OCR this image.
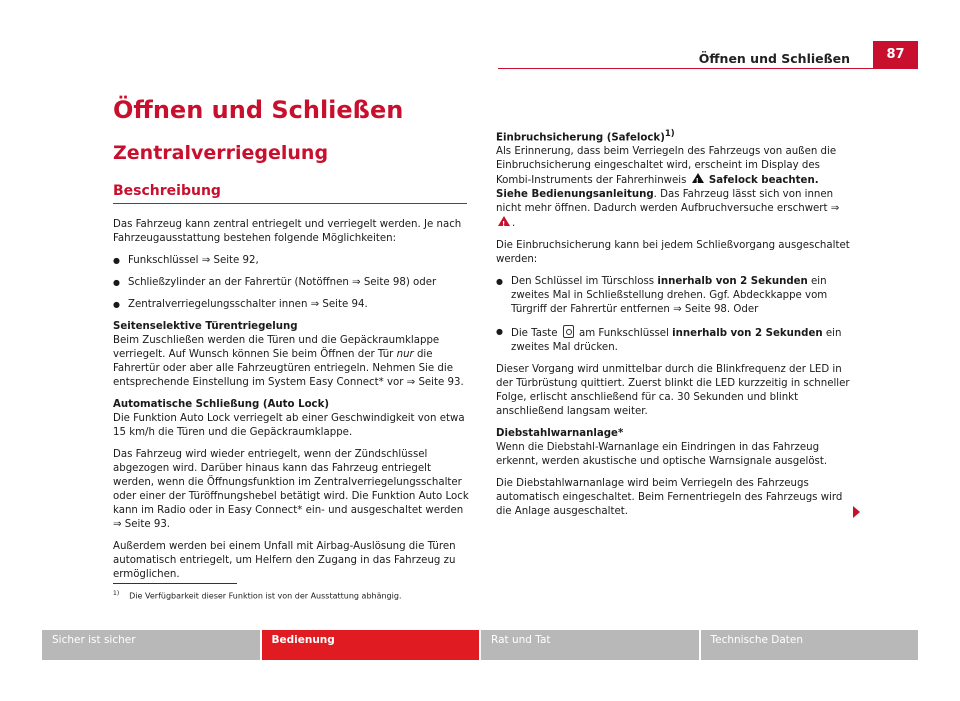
Öffnen und Schließen	87
Öffnen und Schließen
Zentralverriegelung
Beschreibung

Das Fahrzeug kann zentral entriegelt und verriegelt werden. Je nach Fahrzeugausstattung bestehen folgende Möglichkeiten:

● Funkschlüssel ⇒ Seite 92,

● Schließzylinder an der Fahrertür (Notöffnen ⇒ Seite 98) oder

● Zentralverriegelungsschalter innen ⇒ Seite 94.

Seitenselektive Türentriegelung

Beim Zuschließen werden die Türen und die Gepäckraumklappe verriegelt. Auf Wunsch können Sie beim Öffnen der Tür nur die Fahrertür oder aber alle Fahrzeugtüren entriegeln. Nehmen Sie die entsprechende Einstellung im System Easy Connect* vor ⇒ Seite 93.

Automatische Schließung (Auto Lock)

Die Funktion Auto Lock verriegelt ab einer Geschwindigkeit von etwa 15 km/h die Türen und die Gepäckraumklappe.

Das Fahrzeug wird wieder entriegelt, wenn der Zündschlüssel abgezogen wird. Darüber hinaus kann das Fahrzeug entriegelt werden, wenn die Öffnungsfunktion im Zentralverriegelungsschalter oder einer der Türöffnungshebel betätigt wird. Die Funktion Auto Lock kann im Radio oder in Easy Connect* ein- und ausgeschaltet werden ⇒ Seite 93.

Außerdem werden bei einem Unfall mit Airbag-Auslösung die Türen automatisch entriegelt, um Helfern den Zugang in das Fahrzeug zu ermöglichen.

Einbruchsicherung (Safelock)$^{1)}$

Als Erinnerung, dass beim Verriegeln des Fahrzeugs von außen die Einbruchsicherung eingeschaltet wird, erscheint im Display des Kombi-Instruments der Fahrerhinweis ! Safelock beachten. Siehe Bedienungsanleitung. Das Fahrzeug lässt sich von innen nicht mehr öffnen. Dadurch werden Aufbruchversuche erschwert ⇒ !.

Die Einbruchsicherung kann bei jedem Schließvorgang ausgeschaltet werden:

● Den Schlüssel im Türschloss innerhalb von 2 Sekunden ein zweites Mal in Schließstellung drehen. Ggf. Abdeckkappe vom Türgriff der Fahrertür entfernen ⇒ Seite 98. Oder

● Die Taste  am Funkschlüssel innerhalb von 2 Sekunden ein zweites Mal drücken.

Dieser Vorgang wird unmittelbar durch die Blinkfrequenz der LED in der Türbrüstung quittiert. Zuerst blinkt die LED kurzzeitig in schneller Folge, erlischt anschließend für ca. 30 Sekunden und blinkt anschließend langsam weiter.

Diebstahlwarnanlage*

Wenn die Diebstahl-Warnanlage ein Eindringen in das Fahrzeug erkennt, werden akustische und optische Warnsignale ausgelöst.

Die Diebstahlwarnanlage wird beim Verriegeln des Fahrzeugs automatisch eingeschaltet. Beim Fernentriegeln des Fahrzeugs wird die Anlage ausgeschaltet.

$^{1)}$ Die Verfügbarkeit dieser Funktion ist von der Ausstattung abhängig.
Sicher ist sicher	Bedienung	Rat und Tat	Technische Daten
